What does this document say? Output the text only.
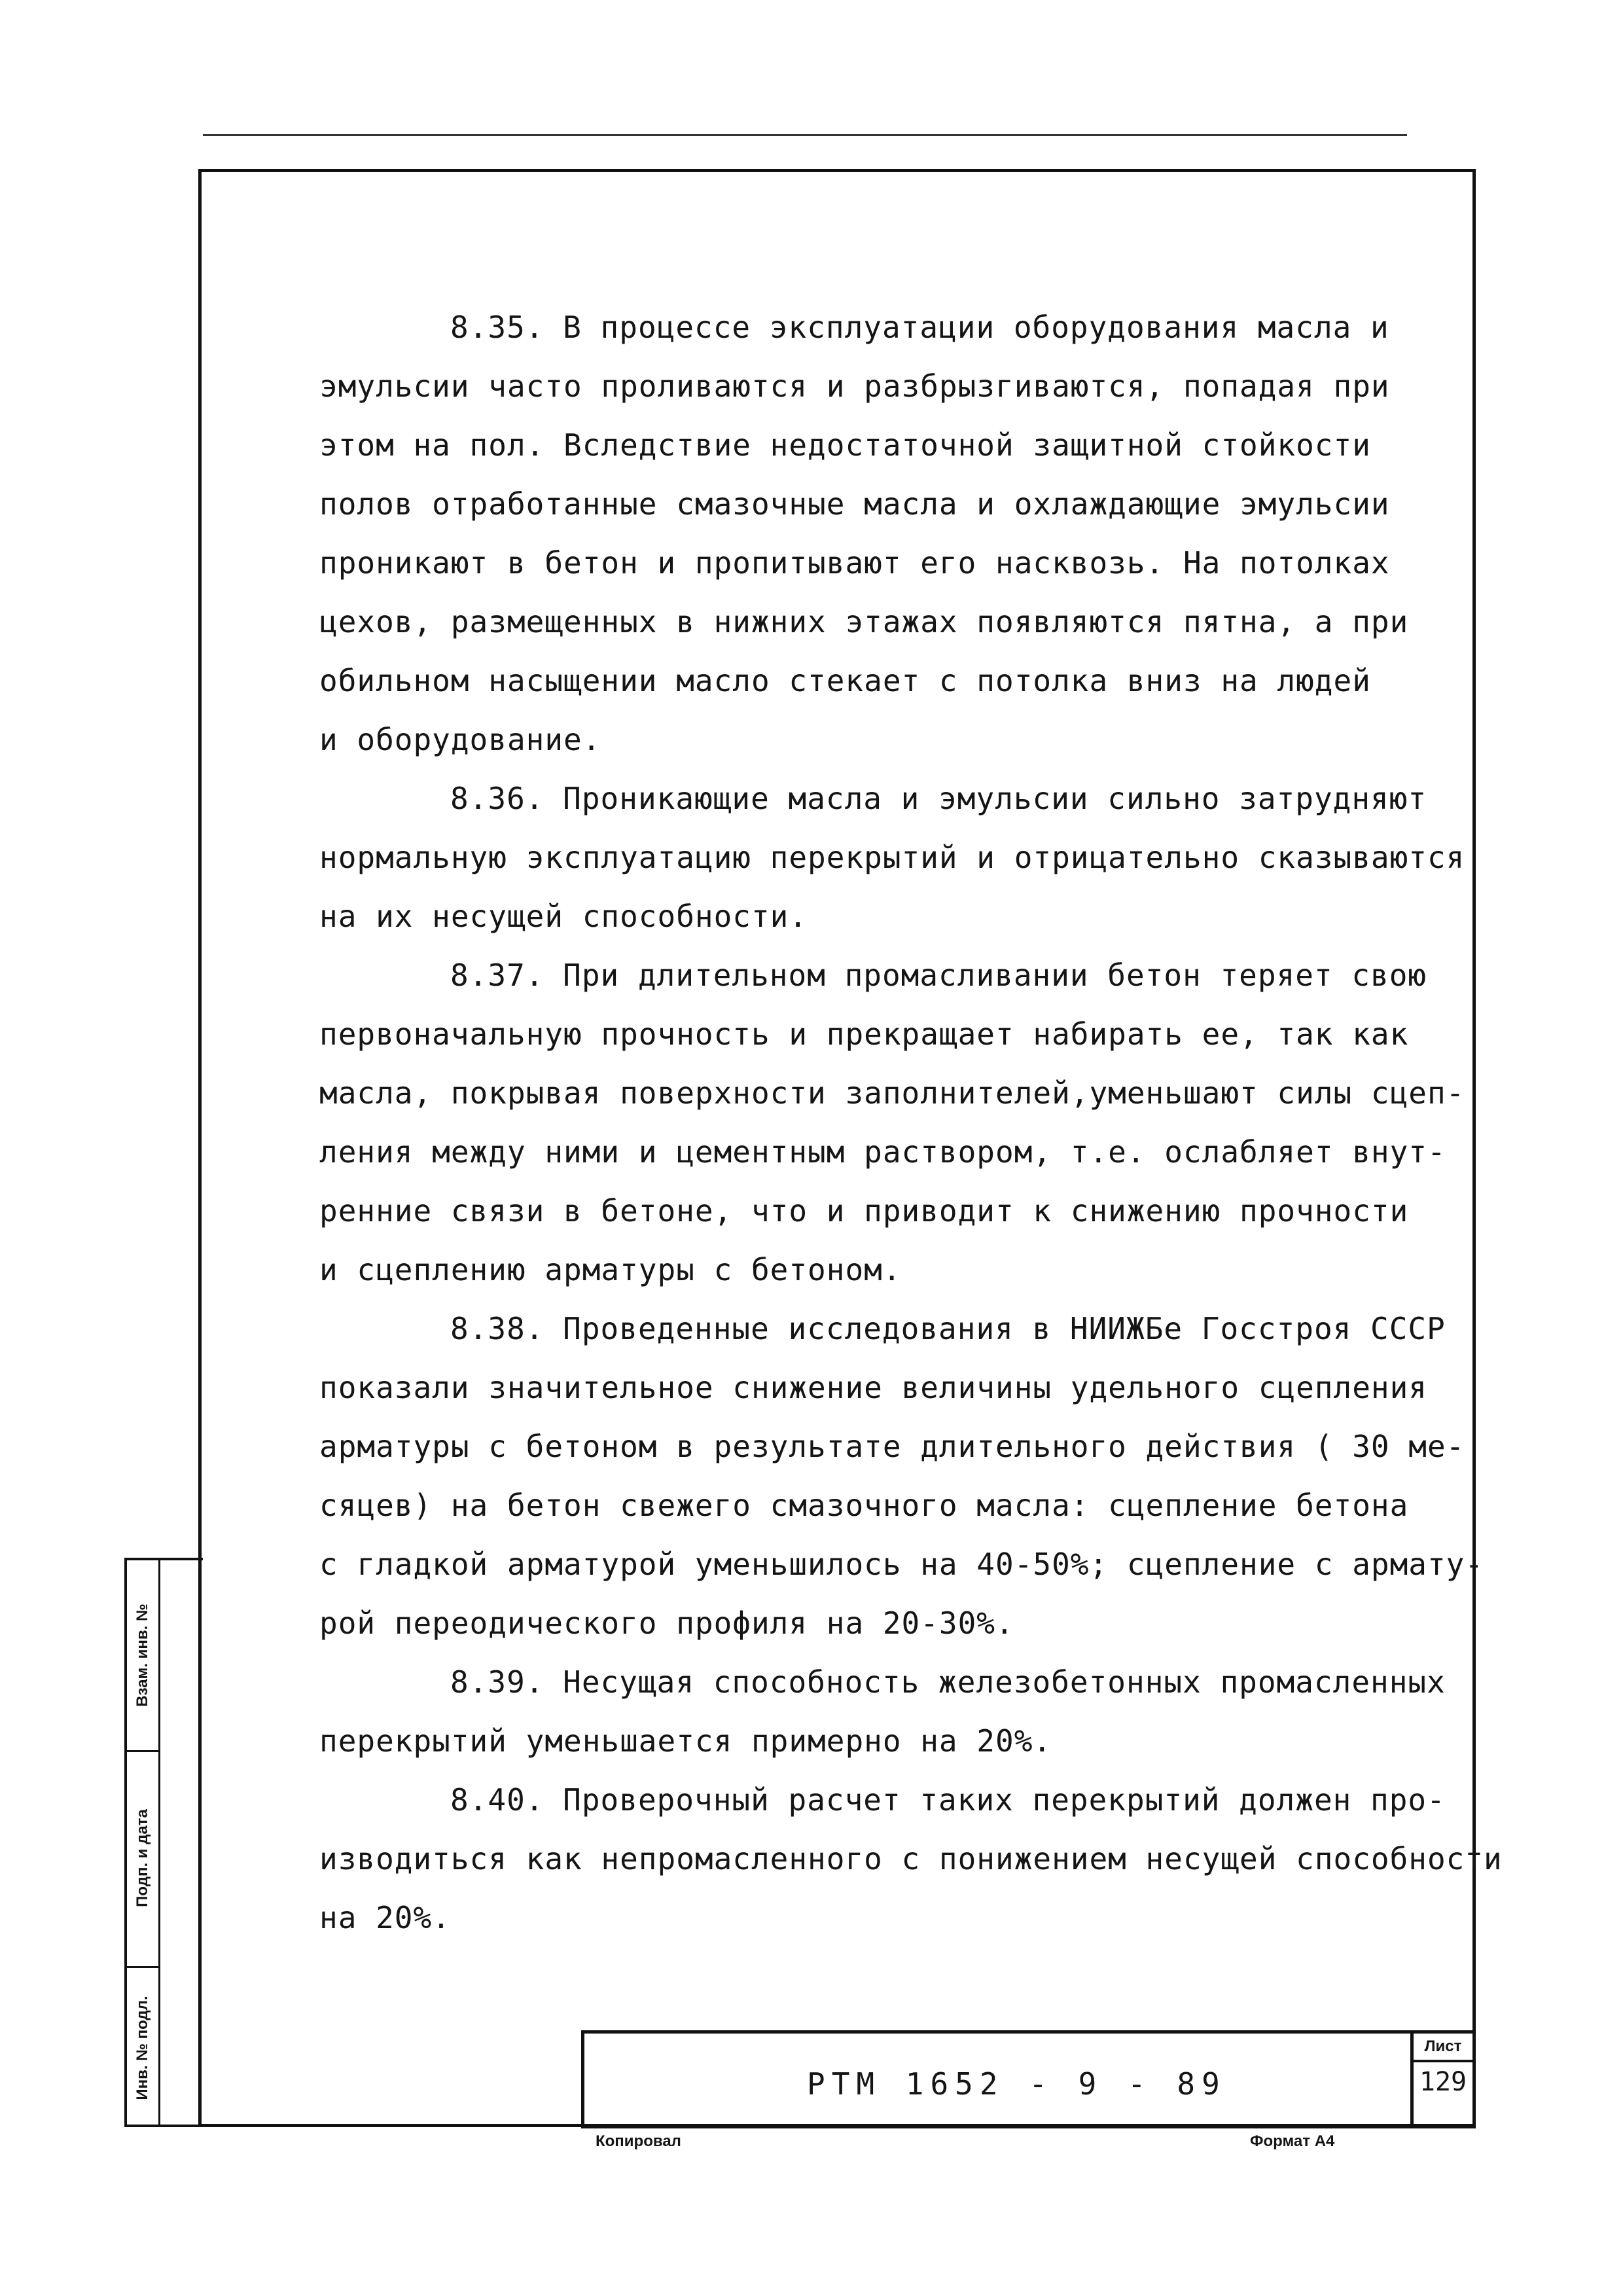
8.35. В процессе эксплуатации оборудования масла и
эмульсии часто проливаются и разбрызгиваются, попадая при
этом на пол. Вследствие недостаточной защитной стойкости
полов отработанные смазочные масла и охлаждающие эмульсии
проникают в бетон и пропитывают его насквозь. На потолках
цехов, размещенных в нижних этажах появляются пятна, а при
обильном насыщении масло стекает с потолка вниз на людей
и оборудование.
8.36. Проникающие масла и эмульсии сильно затрудняют
нормальную эксплуатацию перекрытий и отрицательно сказываются
на их несущей способности.
8.37. При длительном промасливании бетон теряет свою
первоначальную прочность и прекращает набирать ее, так как
масла, покрывая поверхности заполнителей,уменьшают силы сцеп-
ления между ними и цементным раствором, т.е. ослабляет внут-
ренние связи в бетоне, что и приводит к снижению прочности
и сцеплению арматуры с бетоном.
8.38. Проведенные исследования в НИИЖБе Госстроя СССР
показали значительное снижение величины удельного сцепления
арматуры с бетоном в результате длительного действия ( 30 ме-
сяцев) на бетон свежего смазочного масла: сцепление бетона
с гладкой арматурой уменьшилось на 40-50%; сцепление с армату-
рой переодического профиля на 20-30%.
8.39. Несущая способность железобетонных промасленных
перекрытий уменьшается примерно на 20%.
8.40. Проверочный расчет таких перекрытий должен про-
изводиться как непромасленного с понижением несущей способности
на 20%.
Взам. инв. №
Подп. и дата
Инв. № подл.	РТМ 1652 - 9 - 89
Лист
129
Копировал	Формат А4
